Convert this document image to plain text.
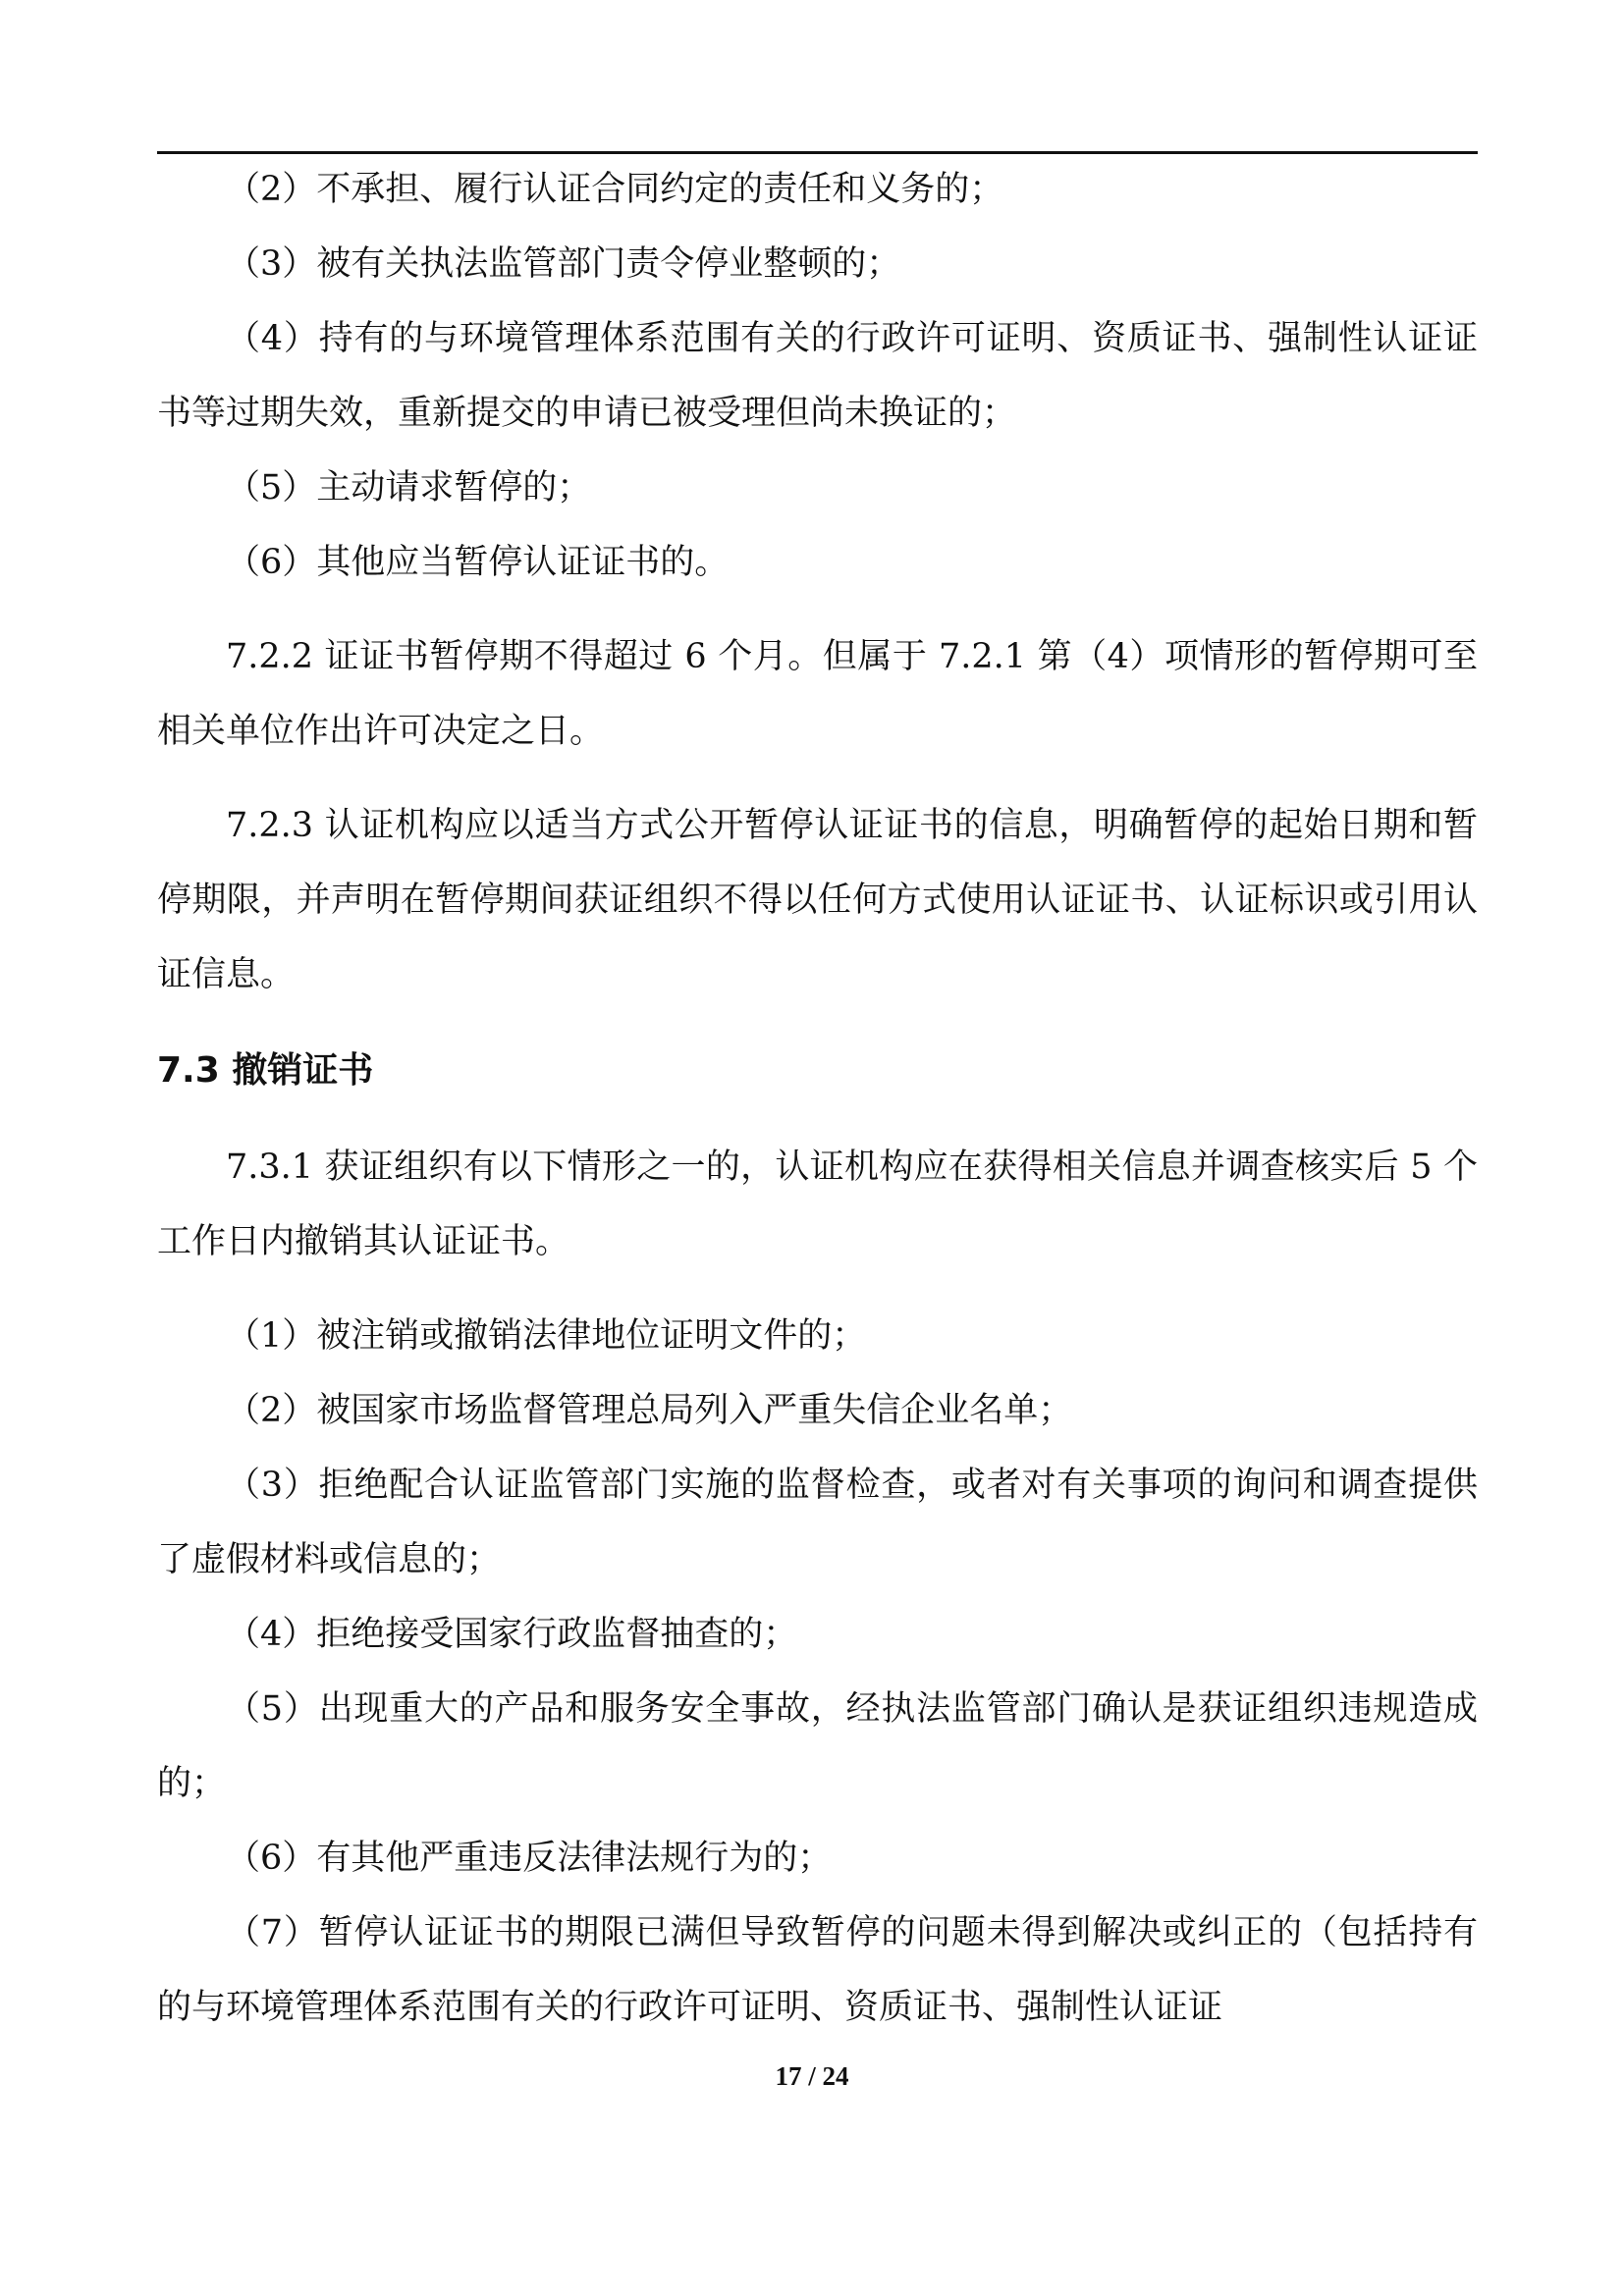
（2）不承担、履行认证合同约定的责任和义务的；

（3）被有关执法监管部门责令停业整顿的；

（4）持有的与环境管理体系范围有关的行政许可证明、资质证书、强制性认证证书等过期失效，重新提交的申请已被受理但尚未换证的；

（5）主动请求暂停的；

（6）其他应当暂停认证证书的。

7.2.2 证证书暂停期不得超过 6 个月。但属于 7.2.1 第（4）项情形的暂停期可至相关单位作出许可决定之日。

7.2.3 认证机构应以适当方式公开暂停认证证书的信息，明确暂停的起始日期和暂停期限，并声明在暂停期间获证组织不得以任何方式使用认证证书、认证标识或引用认证信息。

7.3 撤销证书

7.3.1 获证组织有以下情形之一的，认证机构应在获得相关信息并调查核实后 5 个工作日内撤销其认证证书。

（1）被注销或撤销法律地位证明文件的；

（2）被国家市场监督管理总局列入严重失信企业名单；

（3）拒绝配合认证监管部门实施的监督检查，或者对有关事项的询问和调查提供了虚假材料或信息的；

（4）拒绝接受国家行政监督抽查的；

（5）出现重大的产品和服务安全事故，经执法监管部门确认是获证组织违规造成的；

（6）有其他严重违反法律法规行为的；

（7）暂停认证证书的期限已满但导致暂停的问题未得到解决或纠正的（包括持有的与环境管理体系范围有关的行政许可证明、资质证书、强制性认证证

17 / 24
